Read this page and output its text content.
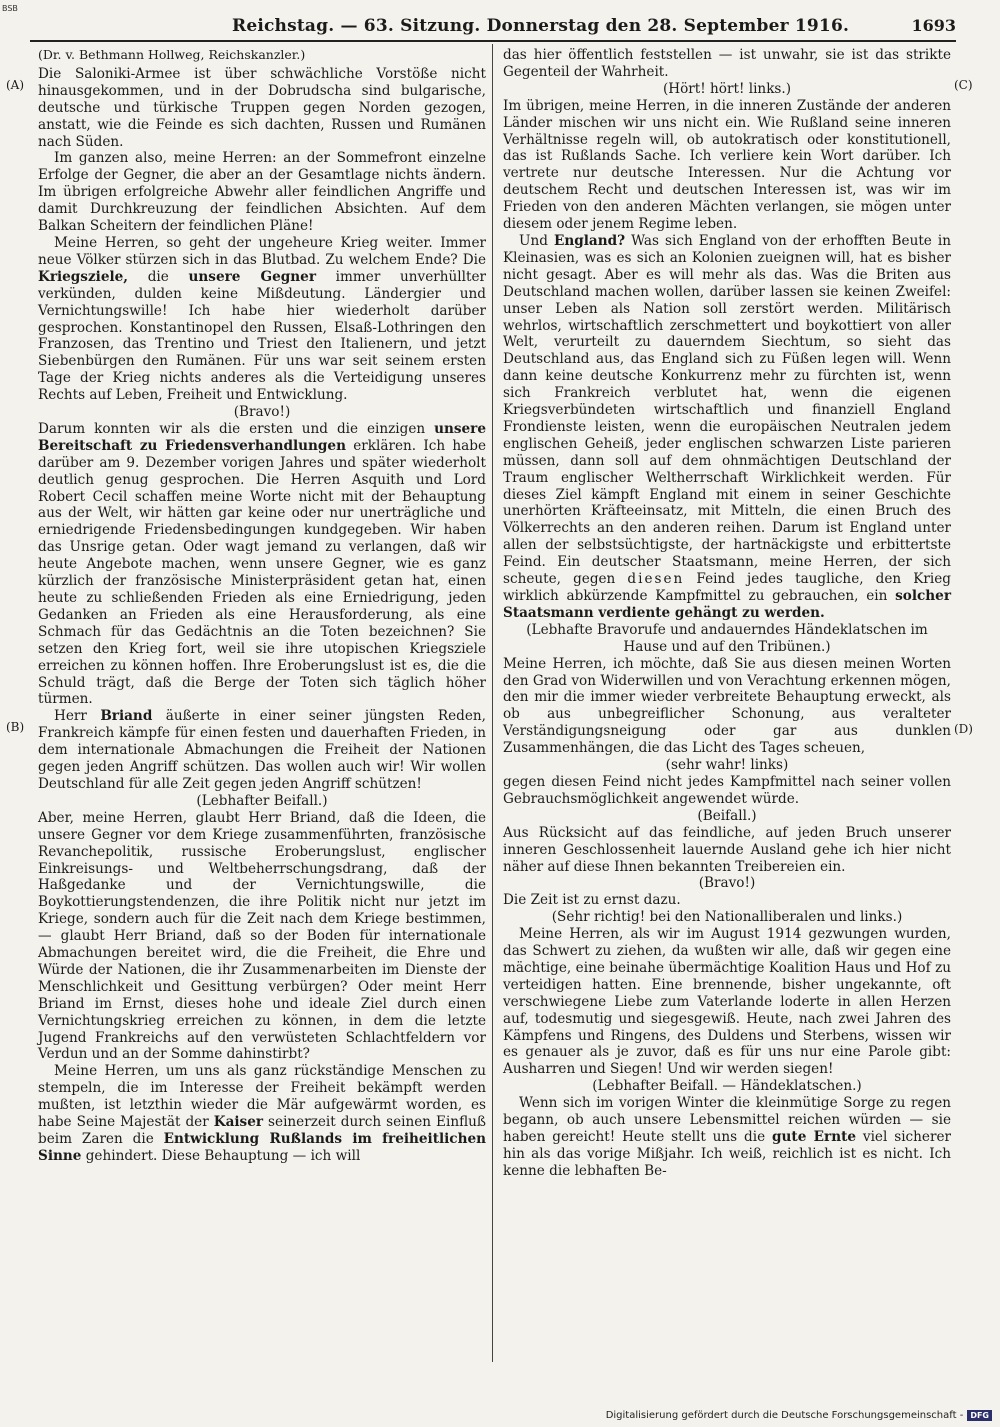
BSB
Reichstag. — 63. Sitzung. Donnerstag den 28. September 1916.	1693
(A)
(B)
(C)
(D)

(Dr. v. Bethmann Hollweg, Reichskanzler.)

Die Saloniki-Armee ist über schwächliche Vorstöße nicht hinausgekommen, und in der Dobrudscha sind bulgarische, deutsche und türkische Truppen gegen Norden gezogen, anstatt, wie die Feinde es sich dachten, Russen und Rumänen nach Süden.

Im ganzen also, meine Herren: an der Sommefront einzelne Erfolge der Gegner, die aber an der Gesamtlage nichts ändern. Im übrigen erfolgreiche Abwehr aller feindlichen Angriffe und damit Durchkreuzung der feindlichen Absichten. Auf dem Balkan Scheitern der feindlichen Pläne!

Meine Herren, so geht der ungeheure Krieg weiter. Immer neue Völker stürzen sich in das Blutbad. Zu welchem Ende? Die Kriegsziele, die unsere Gegner immer unverhüllter verkünden, dulden keine Mißdeutung. Ländergier und Vernichtungswille! Ich habe hier wiederholt darüber gesprochen. Konstantinopel den Russen, Elsaß-Lothringen den Franzosen, das Trentino und Triest den Italienern, und jetzt Siebenbürgen den Rumänen. Für uns war seit seinem ersten Tage der Krieg nichts anderes als die Verteidigung unseres Rechts auf Leben, Freiheit und Entwicklung.

(Bravo!)

Darum konnten wir als die ersten und die einzigen unsere Bereitschaft zu Friedensverhandlungen erklären. Ich habe darüber am 9. Dezember vorigen Jahres und später wiederholt deutlich genug gesprochen. Die Herren Asquith und Lord Robert Cecil schaffen meine Worte nicht mit der Behauptung aus der Welt, wir hätten gar keine oder nur unerträgliche und erniedrigende Friedensbedingungen kundgegeben. Wir haben das Unsrige getan. Oder wagt jemand zu verlangen, daß wir heute Angebote machen, wenn unsere Gegner, wie es ganz kürzlich der französische Ministerpräsident getan hat, einen heute zu schließenden Frieden als eine Erniedrigung, jeden Gedanken an Frieden als eine Herausforderung, als eine Schmach für das Gedächtnis an die Toten bezeichnen? Sie setzen den Krieg fort, weil sie ihre utopischen Kriegsziele erreichen zu können hoffen. Ihre Eroberungslust ist es, die die Schuld trägt, daß die Berge der Toten sich täglich höher türmen.

Herr Briand äußerte in einer seiner jüngsten Reden, Frankreich kämpfe für einen festen und dauerhaften Frieden, in dem internationale Abmachungen die Freiheit der Nationen gegen jeden Angriff schützen. Das wollen auch wir! Wir wollen Deutschland für alle Zeit gegen jeden Angriff schützen!

(Lebhafter Beifall.)

Aber, meine Herren, glaubt Herr Briand, daß die Ideen, die unsere Gegner vor dem Kriege zusammenführten, französische Revanchepolitik, russische Eroberungslust, englischer Einkreisungs- und Weltbeherrschungsdrang, daß der Haßgedanke und der Vernichtungswille, die Boykottierungstendenzen, die ihre Politik nicht nur jetzt im Kriege, sondern auch für die Zeit nach dem Kriege bestimmen, — glaubt Herr Briand, daß so der Boden für internationale Abmachungen bereitet wird, die die Freiheit, die Ehre und Würde der Nationen, die ihr Zusammenarbeiten im Dienste der Menschlichkeit und Gesittung verbürgen? Oder meint Herr Briand im Ernst, dieses hohe und ideale Ziel durch einen Vernichtungskrieg erreichen zu können, in dem die letzte Jugend Frankreichs auf den verwüsteten Schlachtfeldern vor Verdun und an der Somme dahinstirbt?

Meine Herren, um uns als ganz rückständige Menschen zu stempeln, die im Interesse der Freiheit bekämpft werden mußten, ist letzthin wieder die Mär aufgewärmt worden, es habe Seine Majestät der Kaiser seinerzeit durch seinen Einfluß beim Zaren die Entwicklung Rußlands im freiheitlichen Sinne gehindert. Diese Behauptung — ich will

das hier öffentlich feststellen — ist unwahr, sie ist das strikte Gegenteil der Wahrheit.

(Hört! hört! links.)

Im übrigen, meine Herren, in die inneren Zustände der anderen Länder mischen wir uns nicht ein. Wie Rußland seine inneren Verhältnisse regeln will, ob autokratisch oder konstitutionell, das ist Rußlands Sache. Ich verliere kein Wort darüber. Ich vertrete nur deutsche Interessen. Nur die Achtung vor deutschem Recht und deutschen Interessen ist, was wir im Frieden von den anderen Mächten verlangen, sie mögen unter diesem oder jenem Regime leben.

Und England? Was sich England von der erhofften Beute in Kleinasien, was es sich an Kolonien zueignen will, hat es bisher nicht gesagt. Aber es will mehr als das. Was die Briten aus Deutschland machen wollen, darüber lassen sie keinen Zweifel: unser Leben als Nation soll zerstört werden. Militärisch wehrlos, wirtschaftlich zerschmettert und boykottiert von aller Welt, verurteilt zu dauerndem Siechtum, so sieht das Deutschland aus, das England sich zu Füßen legen will. Wenn dann keine deutsche Konkurrenz mehr zu fürchten ist, wenn sich Frankreich verblutet hat, wenn die eigenen Kriegsverbündeten wirtschaftlich und finanziell England Frondienste leisten, wenn die europäischen Neutralen jedem englischen Geheiß, jeder englischen schwarzen Liste parieren müssen, dann soll auf dem ohnmächtigen Deutschland der Traum englischer Weltherrschaft Wirklichkeit werden. Für dieses Ziel kämpft England mit einem in seiner Geschichte unerhörten Kräfteeinsatz, mit Mitteln, die einen Bruch des Völkerrechts an den anderen reihen. Darum ist England unter allen der selbstsüchtigste, der hartnäckigste und erbittertste Feind. Ein deutscher Staatsmann, meine Herren, der sich scheute, gegen diesen Feind jedes taugliche, den Krieg wirklich abkürzende Kampfmittel zu gebrauchen, ein solcher Staatsmann verdiente gehängt zu werden.

(Lebhafte Bravorufe und andauerndes Händeklatschen im Hause und auf den Tribünen.)

Meine Herren, ich möchte, daß Sie aus diesen meinen Worten den Grad von Widerwillen und von Verachtung erkennen mögen, den mir die immer wieder verbreitete Behauptung erweckt, als ob aus unbegreiflicher Schonung, aus veralteter Verständigungsneigung oder gar aus dunklen Zusammenhängen, die das Licht des Tages scheuen,

(sehr wahr! links)

gegen diesen Feind nicht jedes Kampfmittel nach seiner vollen Gebrauchsmöglichkeit angewendet würde.

(Beifall.)

Aus Rücksicht auf das feindliche, auf jeden Bruch unserer inneren Geschlossenheit lauernde Ausland gehe ich hier nicht näher auf diese Ihnen bekannten Treibereien ein.

(Bravo!)

Die Zeit ist zu ernst dazu.

(Sehr richtig! bei den Nationalliberalen und links.)

Meine Herren, als wir im August 1914 gezwungen wurden, das Schwert zu ziehen, da wußten wir alle, daß wir gegen eine mächtige, eine beinahe übermächtige Koalition Haus und Hof zu verteidigen hatten. Eine brennende, bisher ungekannte, oft verschwiegene Liebe zum Vaterlande loderte in allen Herzen auf, todesmutig und siegesgewiß. Heute, nach zwei Jahren des Kämpfens und Ringens, des Duldens und Sterbens, wissen wir es genauer als je zuvor, daß es für uns nur eine Parole gibt: Ausharren und Siegen! Und wir werden siegen!

(Lebhafter Beifall. — Händeklatschen.)

Wenn sich im vorigen Winter die kleinmütige Sorge zu regen begann, ob auch unsere Lebensmittel reichen würden — sie haben gereicht! Heute stellt uns die gute Ernte viel sicherer hin als das vorige Mißjahr. Ich weiß, reichlich ist es nicht. Ich kenne die lebhaften Be-

Digitalisierung gefördert durch die Deutsche Forschungsgemeinschaft - DFG
